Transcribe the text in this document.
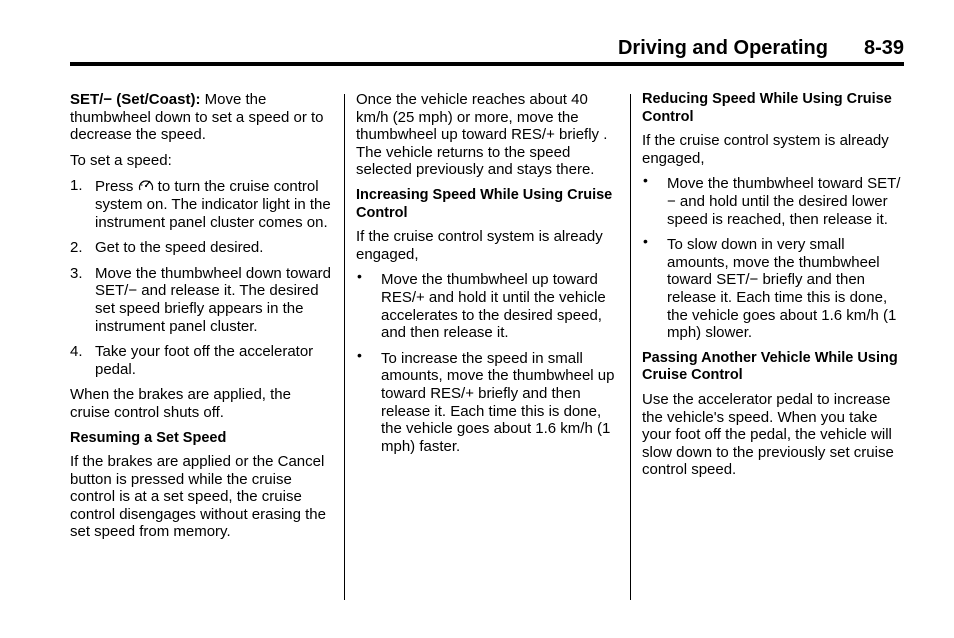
Driving and Operating 8-39

SET/− (Set/Coast): Move the thumbwheel down to set a speed or to decrease the speed.

To set a speed:

1. Press  to turn the cruise control system on. The indicator light in the instrument panel cluster comes on.
2. Get to the speed desired.
3. Move the thumbwheel down toward SET/− and release it. The desired set speed briefly appears in the instrument panel cluster.
4. Take your foot off the accelerator pedal.

When the brakes are applied, the cruise control shuts off.

Resuming a Set Speed

If the brakes are applied or the Cancel button is pressed while the cruise control is at a set speed, the cruise control disengages without erasing the set speed from memory.

Once the vehicle reaches about 40 km/h (25 mph) or more, move the thumbwheel up toward RES/+ briefly . The vehicle returns to the speed selected previously and stays there.

Increasing Speed While Using Cruise Control

If the cruise control system is already engaged,

• Move the thumbwheel up toward RES/+ and hold it until the vehicle accelerates to the desired speed, and then release it.
• To increase the speed in small amounts, move the thumbwheel up toward RES/+ briefly and then release it. Each time this is done, the vehicle goes about 1.6 km/h (1 mph) faster.

Reducing Speed While Using Cruise Control

If the cruise control system is already engaged,

• Move the thumbwheel toward SET/− and hold until the desired lower speed is reached, then release it.
• To slow down in very small amounts, move the thumbwheel toward SET/− briefly and then release it. Each time this is done, the vehicle goes about 1.6 km/h (1 mph) slower.

Passing Another Vehicle While Using Cruise Control

Use the accelerator pedal to increase the vehicle's speed. When you take your foot off the pedal, the vehicle will slow down to the previously set cruise control speed.
